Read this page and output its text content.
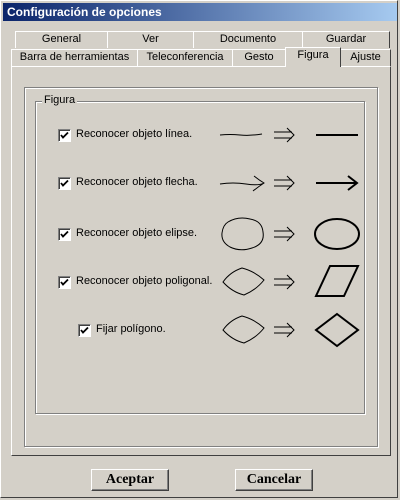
Configuración de opciones
General	Ver	Documento	Guardar
Barra de herramientas	Teleconferencia	Gesto	Figura	Ajuste
Figura
Reconocer objeto línea.
Reconocer objeto flecha.
Reconocer objeto elipse.
Reconocer objeto poligonal.
Fijar polígono.
Aceptar	Cancelar
